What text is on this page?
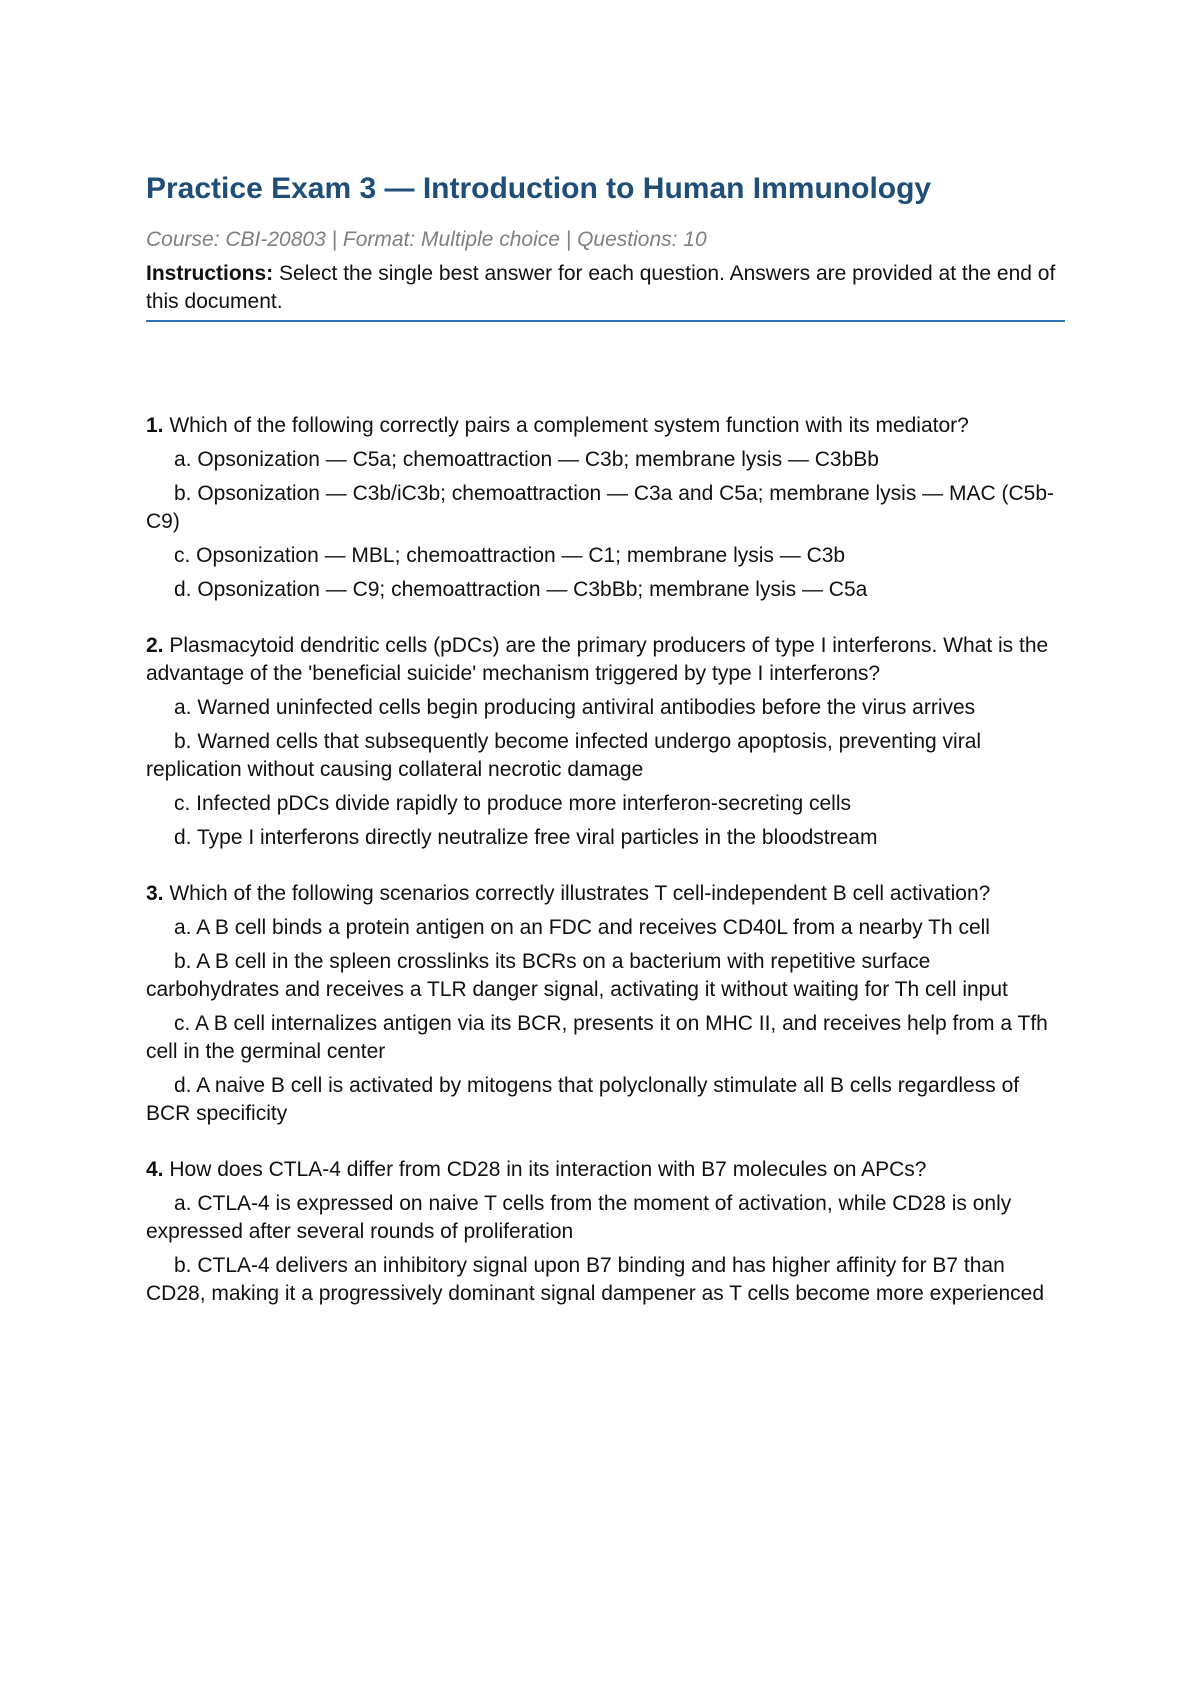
Practice Exam 3 — Introduction to Human Immunology
Course: CBI-20803 | Format: Multiple choice | Questions: 10
Instructions: Select the single best answer for each question. Answers are provided at the end of this document.
1. Which of the following correctly pairs a complement system function with its mediator?
a. Opsonization — C5a; chemoattraction — C3b; membrane lysis — C3bBb
b. Opsonization — C3b/iC3b; chemoattraction — C3a and C5a; membrane lysis — MAC (C5b-C9)
c. Opsonization — MBL; chemoattraction — C1; membrane lysis — C3b
d. Opsonization — C9; chemoattraction — C3bBb; membrane lysis — C5a
2. Plasmacytoid dendritic cells (pDCs) are the primary producers of type I interferons. What is the advantage of the 'beneficial suicide' mechanism triggered by type I interferons?
a. Warned uninfected cells begin producing antiviral antibodies before the virus arrives
b. Warned cells that subsequently become infected undergo apoptosis, preventing viral replication without causing collateral necrotic damage
c. Infected pDCs divide rapidly to produce more interferon-secreting cells
d. Type I interferons directly neutralize free viral particles in the bloodstream
3. Which of the following scenarios correctly illustrates T cell-independent B cell activation?
a. A B cell binds a protein antigen on an FDC and receives CD40L from a nearby Th cell
b. A B cell in the spleen crosslinks its BCRs on a bacterium with repetitive surface carbohydrates and receives a TLR danger signal, activating it without waiting for Th cell input
c. A B cell internalizes antigen via its BCR, presents it on MHC II, and receives help from a Tfh cell in the germinal center
d. A naive B cell is activated by mitogens that polyclonally stimulate all B cells regardless of BCR specificity
4. How does CTLA-4 differ from CD28 in its interaction with B7 molecules on APCs?
a. CTLA-4 is expressed on naive T cells from the moment of activation, while CD28 is only expressed after several rounds of proliferation
b. CTLA-4 delivers an inhibitory signal upon B7 binding and has higher affinity for B7 than CD28, making it a progressively dominant signal dampener as T cells become more experienced
